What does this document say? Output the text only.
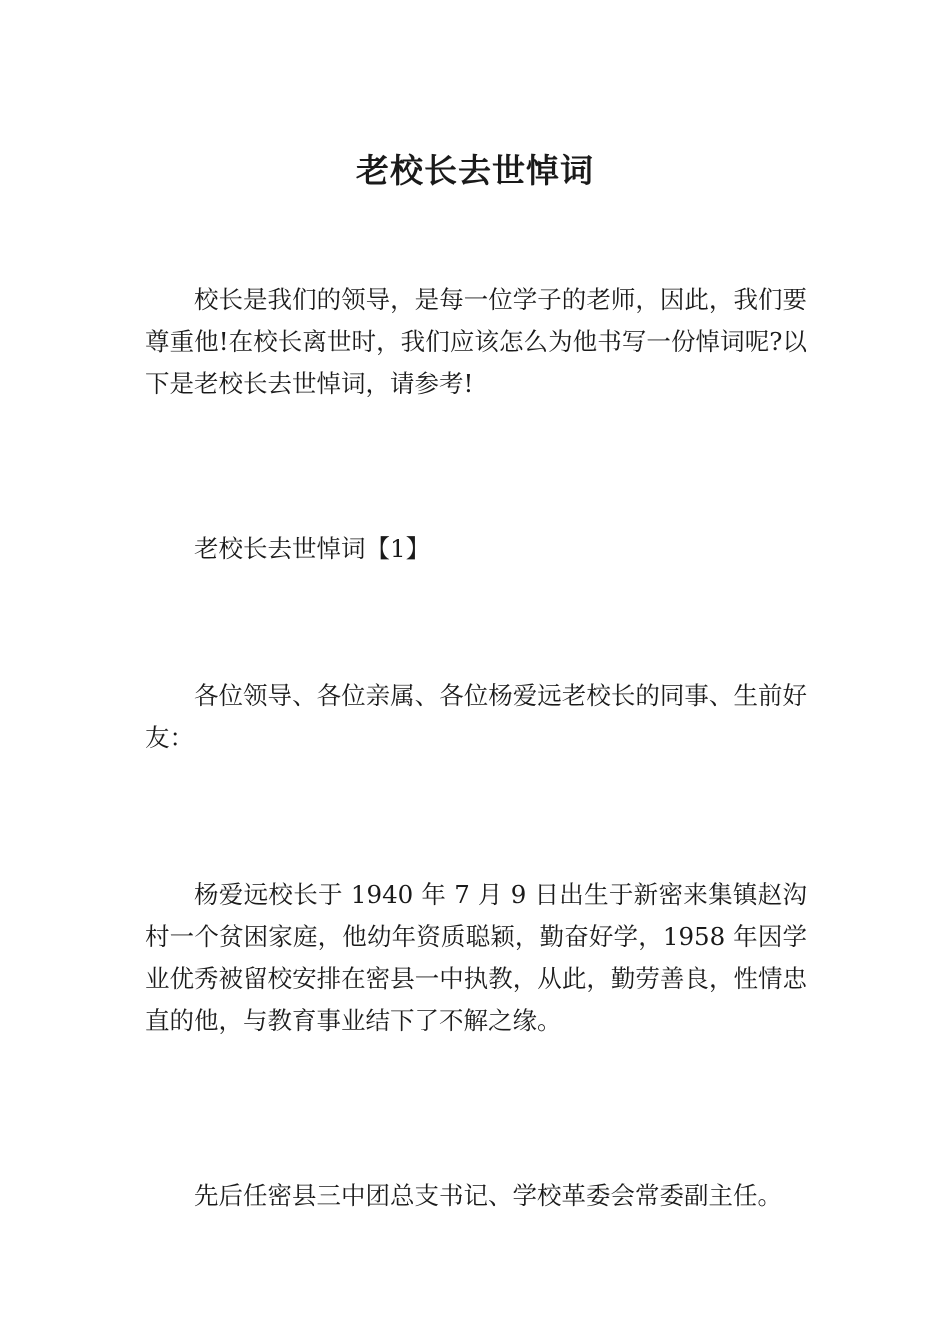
老校长去世悼词

校长是我们的领导，是每一位学子的老师，因此，我们要尊重他!在校长离世时，我们应该怎么为他书写一份悼词呢?以下是老校长去世悼词，请参考!

老校长去世悼词【1】

各位领导、各位亲属、各位杨爱远老校长的同事、生前好友：

杨爱远校长于 1940 年 7 月 9 日出生于新密来集镇赵沟村一个贫困家庭，他幼年资质聪颖，勤奋好学，1958 年因学业优秀被留校安排在密县一中执教，从此，勤劳善良，性情忠直的他，与教育事业结下了不解之缘。

先后任密县三中团总支书记、学校革委会常委副主任。
